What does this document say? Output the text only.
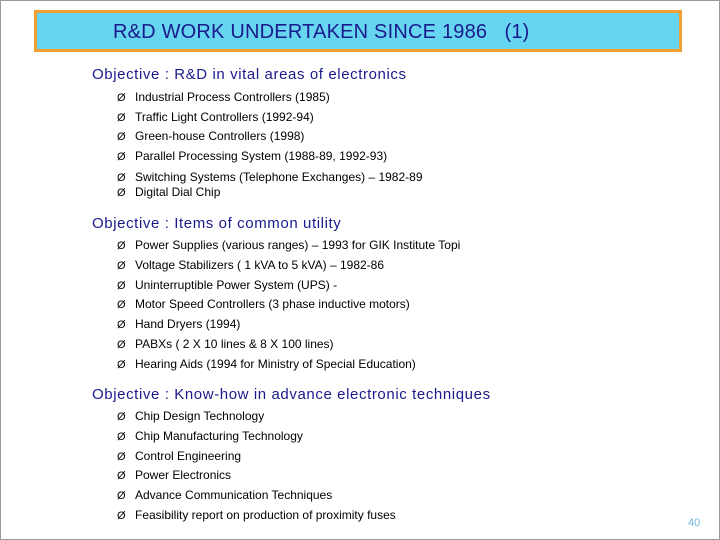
R&D WORK UNDERTAKEN SINCE 1986   (1)
Objective : R&D in vital areas of electronics
Ø Industrial Process Controllers (1985)
Ø Traffic Light Controllers (1992-94)
Ø Green-house Controllers (1998)
Ø Parallel Processing System (1988-89, 1992-93)
Ø Switching Systems (Telephone Exchanges) – 1982-89
Ø Digital Dial Chip
Objective : Items of common utility
Ø Power Supplies (various ranges) – 1993 for GIK Institute Topi
Ø Voltage Stabilizers ( 1 kVA to 5 kVA) – 1982-86
Ø Uninterruptible Power System (UPS) -
Ø Motor Speed Controllers (3 phase inductive motors)
Ø Hand Dryers (1994)
Ø PABXs ( 2 X 10 lines & 8 X 100 lines)
Ø Hearing Aids (1994 for Ministry of Special Education)
Objective : Know-how in advance electronic techniques
Ø Chip Design Technology
Ø Chip Manufacturing Technology
Ø Control Engineering
Ø Power Electronics
Ø Advance Communication Techniques
Ø Feasibility report on production of proximity fuses
40
